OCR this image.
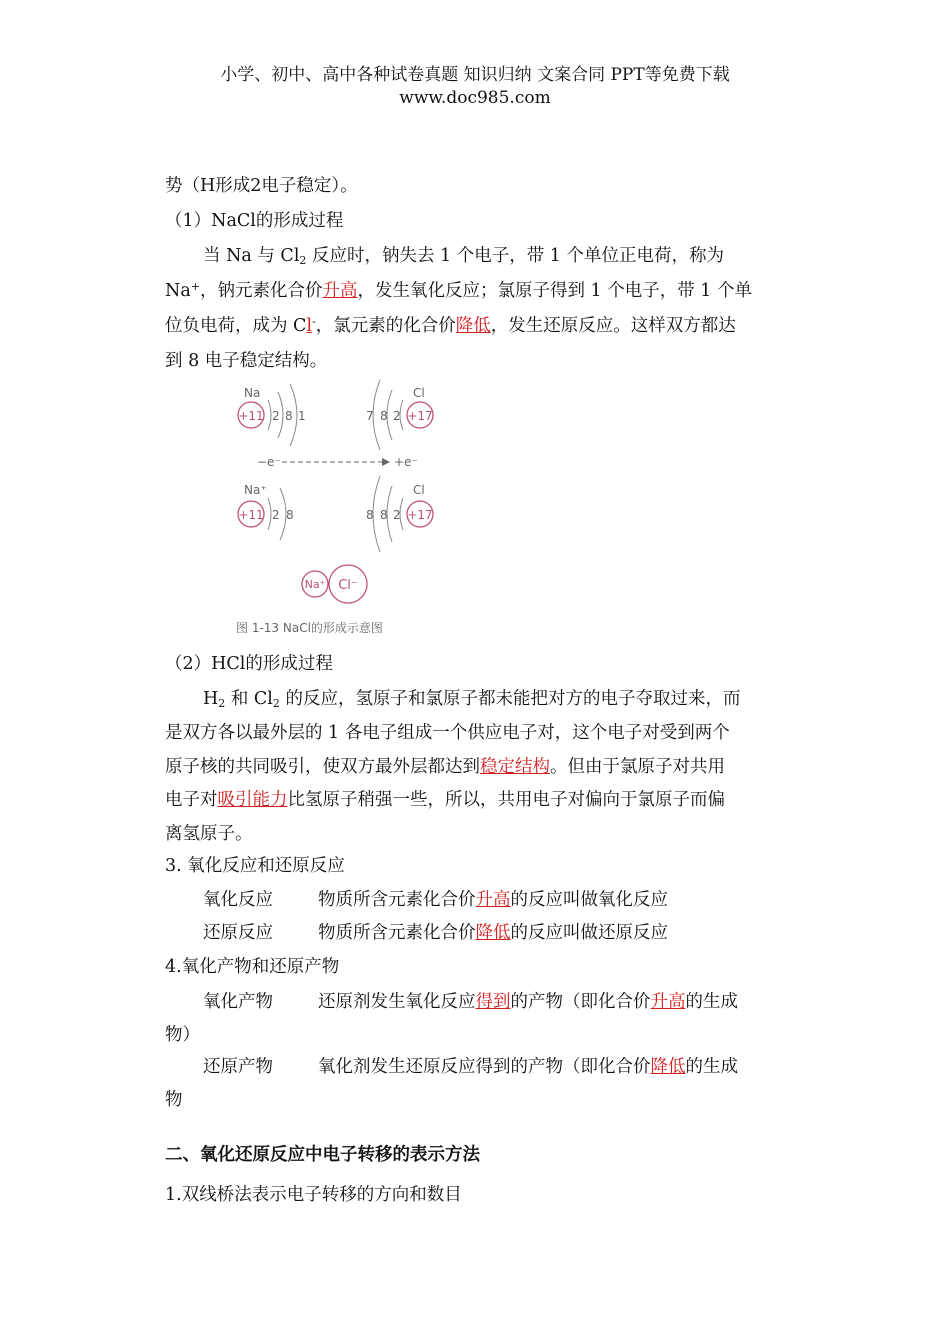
小学、初中、高中各种试卷真题 知识归纳 文案合同 PPT等免费下载
www.doc985.com
势（H形成2电子稳定）。
（1）NaCl的形成过程
当 Na 与 $Cl_2$ 反应时，钠失去 1 个电子，带 1 个单位正电荷，称为
Na+，钠元素化合价升高，发生氧化反应；氯原子得到 1 个电子，带 1 个单
位负电荷，成为 Cl-，氯元素的化合价降低，发生还原反应。这样双方都达
到 8 电子稳定结构。
Na
+11 2 8 1
Cl
+17
7 8 2
−e⁻	+e⁻
Na⁺
+11 2 8
Cl
+17
8 8 2
Na⁺ Cl⁻
图 1-13 NaCl的形成示意图
（2）HCl的形成过程
$H_2$ 和 $Cl_2$ 的反应，氢原子和氯原子都未能把对方的电子夺取过来，而
是双方各以最外层的 1 各电子组成一个供应电子对，这个电子对受到两个
原子核的共同吸引，使双方最外层都达到稳定结构。但由于氯原子对共用
电子对吸引能力比氢原子稍强一些，所以，共用电子对偏向于氯原子而偏
离氢原子。
3. 氧化反应和还原反应
氧化反应	物质所含元素化合价升高的反应叫做氧化反应
还原反应	物质所含元素化合价降低的反应叫做还原反应
4.氧化产物和还原产物
氧化产物	还原剂发生氧化反应得到的产物（即化合价升高的生成
物）
还原产物	氧化剂发生还原反应得到的产物（即化合价降低的生成
物
二、氧化还原反应中电子转移的表示方法
1.双线桥法表示电子转移的方向和数目
